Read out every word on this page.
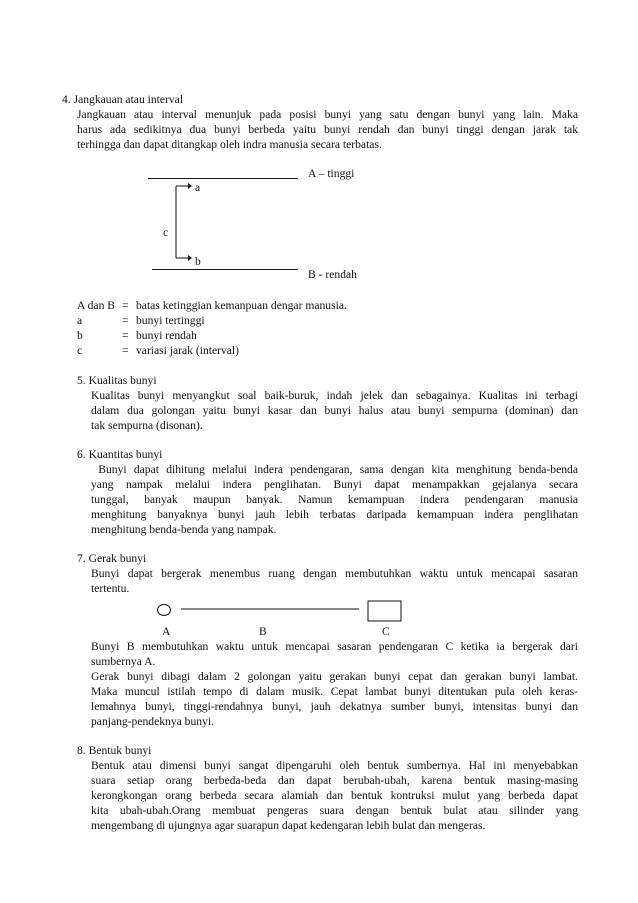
4. Jangkauan atau interval
Jangkauan atau interval menunjuk pada posisi bunyi yang satu dengan bunyi yang lain. Maka
harus ada sedikitnya dua bunyi berbeda yaitu bunyi rendah dan bunyi tinggi dengan jarak tak
terhingga dan dapat ditangkap oleh indra manusia secara terbatas.
A – tinggi
a
c
b
B - rendah
A dan B = batas ketinggian kemanpuan dengar manusia.
a	= bunyi tertinggi
b	= bunyi rendah
c	= variasi jarak (interval)
5. Kualitas bunyi
Kualitas bunyi menyangkut soal baik-buruk, indah jelek dan sebagainya. Kualitas ini terbagi
dalam dua golongan yaitu bunyi kasar dan bunyi halus atau bunyi sempurna (dominan) dan
tak sempurna (disonan).
6. Kuantitas bunyi
Bunyi dapat dihitung melalui indera pendengaran, sama dengan kita menghitung benda-benda
yang nampak melalui indera penglihatan. Bunyi dapat menampakkan gejalanya secara
tunggal, banyak maupun banyak. Namun kemampuan indera pendengaran manusia
menghitung banyaknya bunyi jauh lebih terbatas daripada kemampuan indera penglihatan
menghitung benda-benda yang nampak.
7. Gerak bunyi
Bunyi dapat bergerak menembus ruang dengan membutuhkan waktu untuk mencapai sasaran
tertentu.
A	B	C
Bunyi B membutuhkan waktu untuk mencapai sasaran pendengaran C ketika ia bergerak dari
sumbernya A.
Gerak bunyi dibagi dalam 2 golongan yaitu gerakan bunyi cepat dan gerakan bunyi lambat.
Maka muncul istilah tempo di dalam musik. Cepat lambat bunyi ditentukan pula oleh keras-
lemahnya bunyi, tinggi-rendahnya bunyi, jauh dekatnya sumber bunyi, intensitas bunyi dan
panjang-pendeknya bunyi.
8. Bentuk bunyi
Bentuk atau dimensi bunyi sangat dipengaruhi oleh bentuk sumbernya. Hal ini menyebabkan
suara setiap orang berbeda-beda dan dapat berubah-ubah, karena bentuk masing-masing
kerongkongan orang berbeda secara alamiah dan bentuk kontruksi mulut yang berbeda dapat
kita ubah-ubah.Orang membuat pengeras suara dengan bentuk bulat atau silinder yang
mengembang di ujungnya agar suarapun dapat kedengaran lebih bulat dan mengeras.
